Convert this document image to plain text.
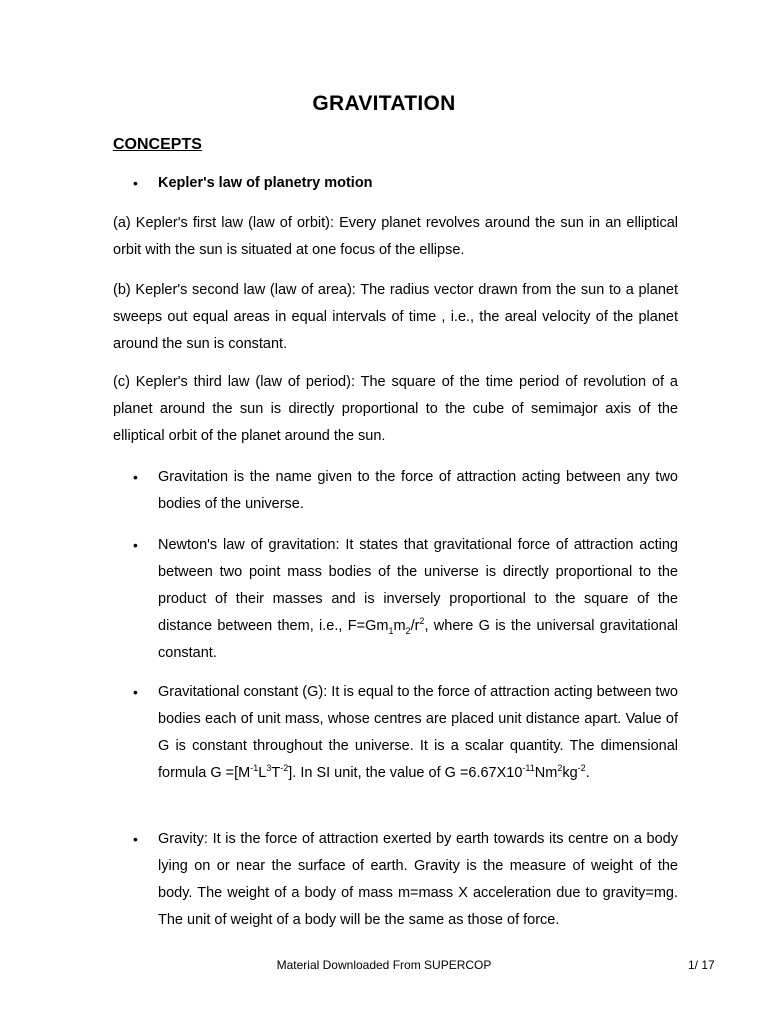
GRAVITATION
CONCEPTS
• Kepler's law of planetry motion
(a) Kepler's first law (law of orbit): Every planet revolves around the sun in an elliptical orbit with the sun is situated at one focus of the ellipse.
(b) Kepler's second law (law of area): The radius vector drawn from the sun to a planet sweeps out equal areas in equal intervals of time , i.e., the areal velocity of the planet around the sun is constant.
(c) Kepler's third law (law of period): The square of the time period of revolution of a planet around the sun is directly proportional to the cube of semimajor axis of the elliptical orbit of the planet around the sun.
• Gravitation is the name given to the force of attraction acting between any two bodies of the universe.
• Newton's law of gravitation: It states that gravitational force of attraction acting between two point mass bodies of the universe is directly proportional to the product of their masses and is inversely proportional to the square of the distance between them, i.e., $F=Gm_1m_2/r^2$, where G is the universal gravitational constant.
• Gravitational constant (G): It is equal to the force of attraction acting between two bodies each of unit mass, whose centres are placed unit distance apart. Value of G is constant throughout the universe. It is a scalar quantity. The dimensional formula $G =[M^{-1}L^3T^{-2}]$. In SI unit, the value of $G =6.67X10^{-11}Nm^2kg^{-2}$.
• Gravity: It is the force of attraction exerted by earth towards its centre on a body lying on or near the surface of earth. Gravity is the measure of weight of the body. The weight of a body of mass m=mass X acceleration due to gravity=mg. The unit of weight of a body will be the same as those of force.
Material Downloaded From SUPERCOP	1/ 17
